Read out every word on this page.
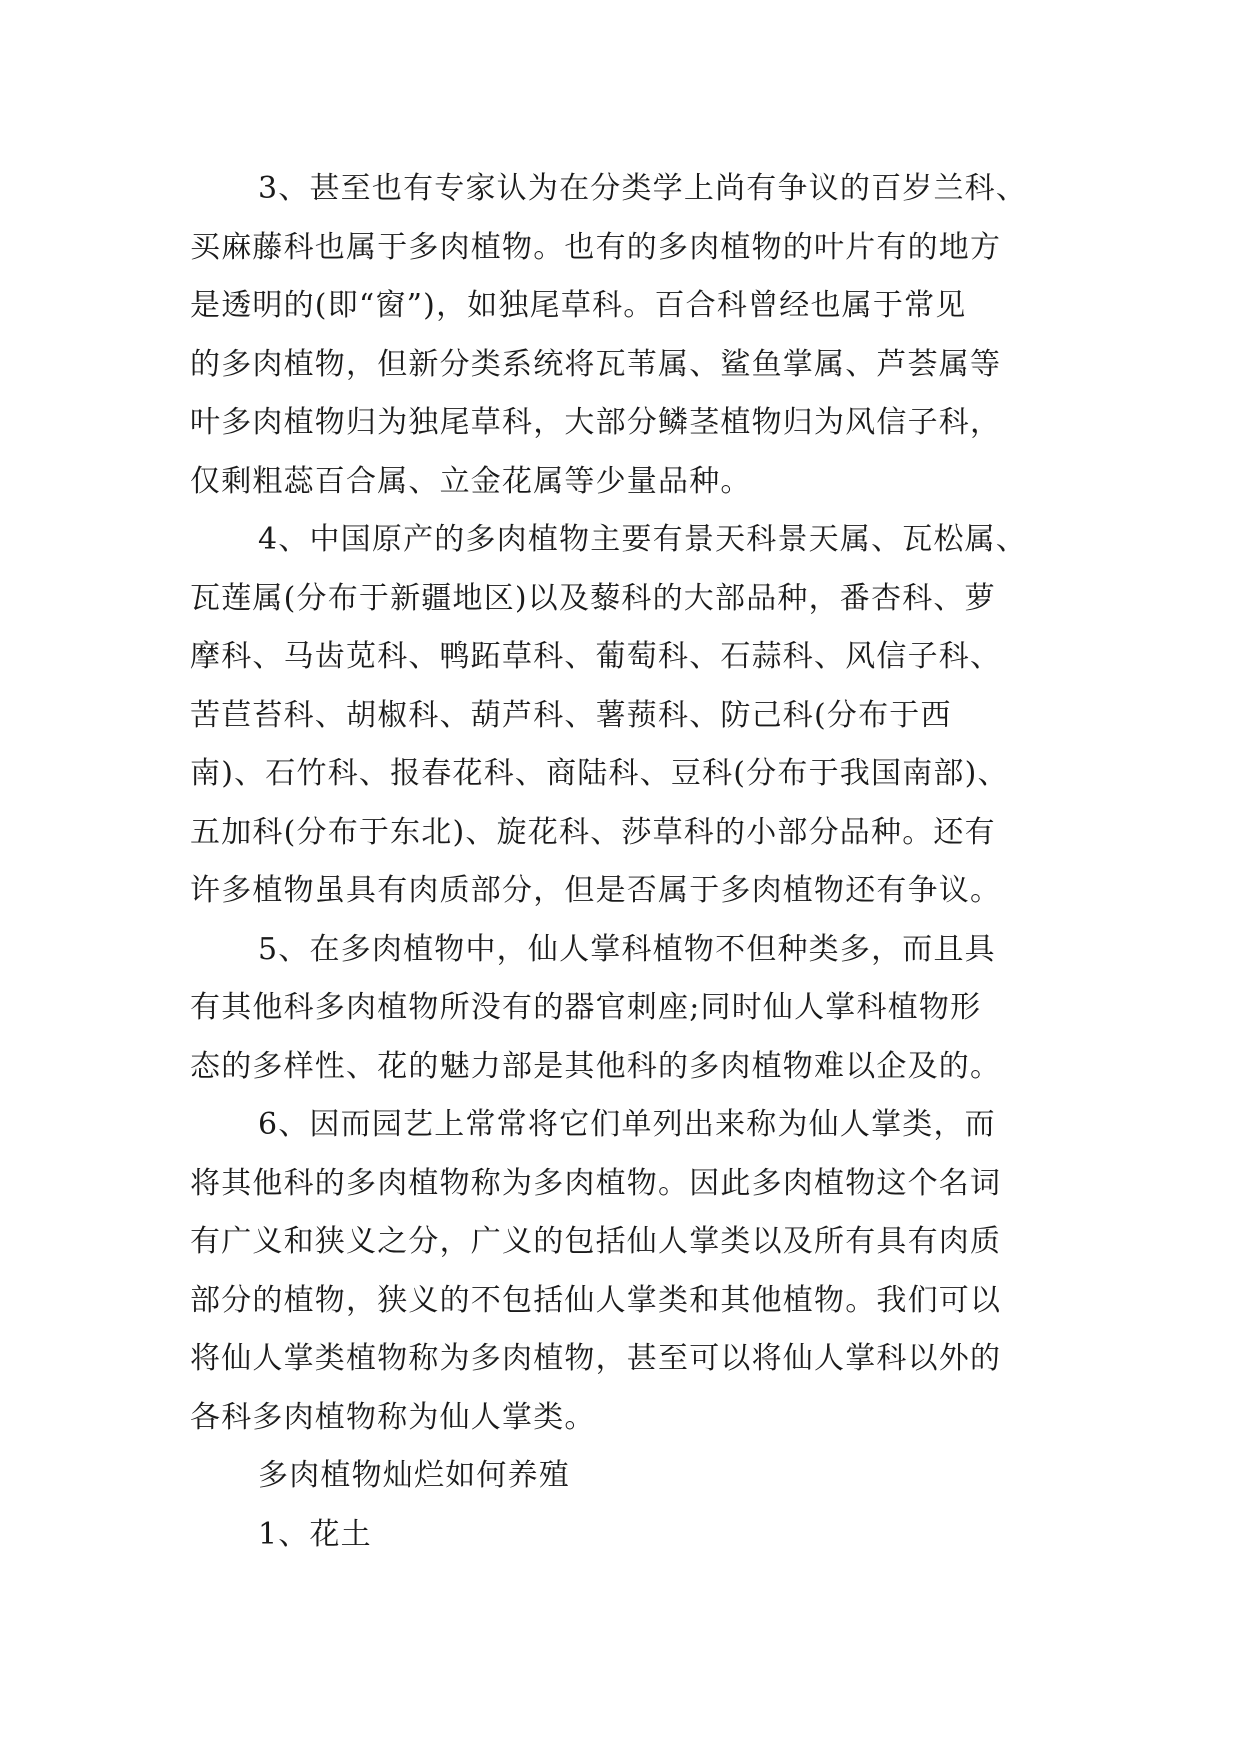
3、甚至也有专家认为在分类学上尚有争议的百岁兰科、
买麻藤科也属于多肉植物。也有的多肉植物的叶片有的地方
是透明的(即“窗”)，如独尾草科。百合科曾经也属于常见
的多肉植物，但新分类系统将瓦苇属、鲨鱼掌属、芦荟属等
叶多肉植物归为独尾草科，大部分鳞茎植物归为风信子科，
仅剩粗蕊百合属、立金花属等少量品种。
4、中国原产的多肉植物主要有景天科景天属、瓦松属、
瓦莲属(分布于新疆地区)以及藜科的大部品种，番杏科、萝
摩科、马齿苋科、鸭跖草科、葡萄科、石蒜科、风信子科、
苦苣苔科、胡椒科、葫芦科、薯蓣科、防己科(分布于西
南)、石竹科、报春花科、商陆科、豆科(分布于我国南部)、
五加科(分布于东北)、旋花科、莎草科的小部分品种。还有
许多植物虽具有肉质部分，但是否属于多肉植物还有争议。
5、在多肉植物中，仙人掌科植物不但种类多，而且具
有其他科多肉植物所没有的器官刺座;同时仙人掌科植物形
态的多样性、花的魅力部是其他科的多肉植物难以企及的。
6、因而园艺上常常将它们单列出来称为仙人掌类，而
将其他科的多肉植物称为多肉植物。因此多肉植物这个名词
有广义和狭义之分，广义的包括仙人掌类以及所有具有肉质
部分的植物，狭义的不包括仙人掌类和其他植物。我们可以
将仙人掌类植物称为多肉植物，甚至可以将仙人掌科以外的
各科多肉植物称为仙人掌类。
多肉植物灿烂如何养殖
1、花土
